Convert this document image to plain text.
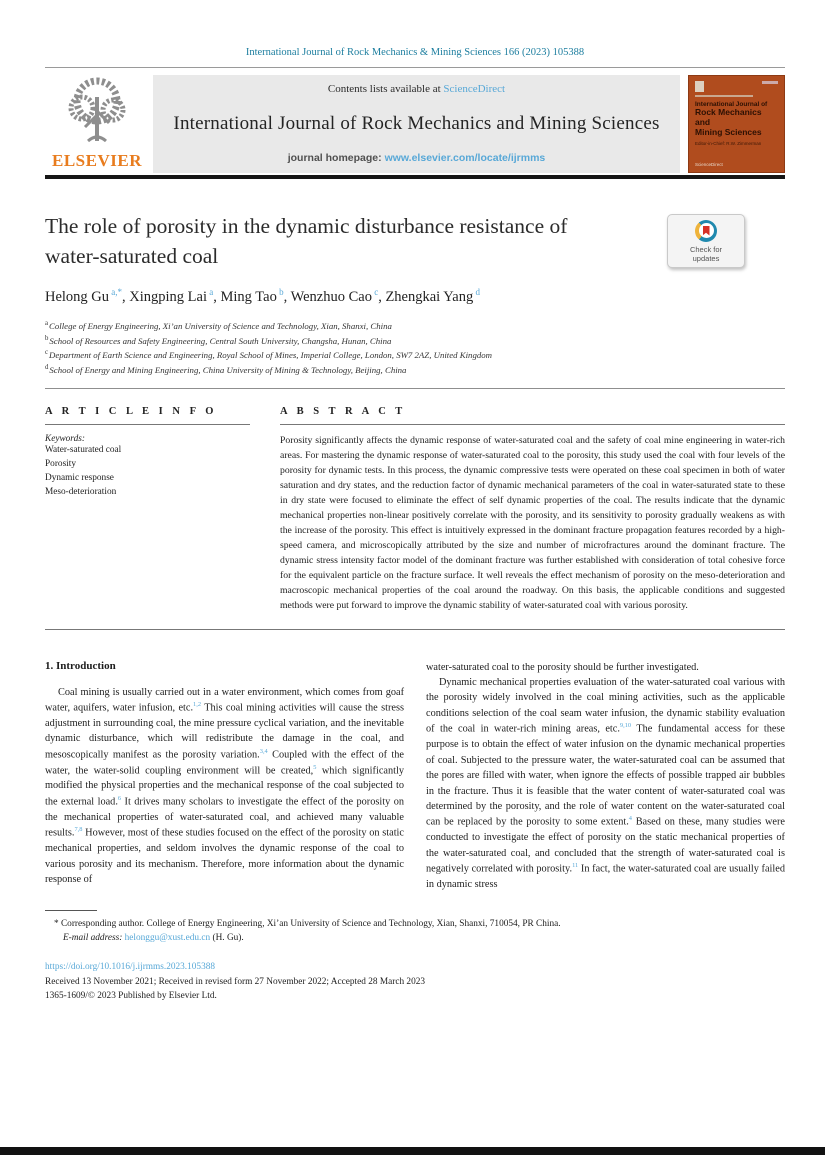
International Journal of Rock Mechanics & Mining Sciences 166 (2023) 105388
ELSEVIER
Contents lists available at ScienceDirect
International Journal of Rock Mechanics and Mining Sciences
journal homepage: www.elsevier.com/locate/ijrmms
International Journal of
Rock Mechanics
and
Mining Sciences
Editor-in-Chief: R.W. Zimmerman
ScienceDirect
The role of porosity in the dynamic disturbance resistance of water-saturated coal	Check for
updates
Helong Gu $^{a,*}$, Xingping Lai $^a$, Ming Tao $^b$, Wenzhuo Cao $^c$, Zhengkai Yang $^d$
$^a$College of Energy Engineering, Xi’an University of Science and Technology, Xian, Shanxi, China
$^b$School of Resources and Safety Engineering, Central South University, Changsha, Hunan, China
$^c$Department of Earth Science and Engineering, Royal School of Mines, Imperial College, London, SW7 2AZ, United Kingdom
$^d$School of Energy and Mining Engineering, China University of Mining & Technology, Beijing, China
A R T I C L E I N F O
Keywords:
Water-saturated coal
Porosity
Dynamic response
Meso-deterioration
A B S T R A C T
Porosity significantly affects the dynamic response of water-saturated coal and the safety of coal mine engineering in water-rich areas. For mastering the dynamic response of water-saturated coal to the porosity, this study used the coal with four levels of the porosity for dynamic tests. In this process, the dynamic compressive tests were operated on these coal specimen in both of water saturation and dry states, and the reduction factor of dynamic mechanical parameters of the coal in water-saturated state to these in dry state were focused to eliminate the effect of self dynamic properties of the coal. The results indicate that the dynamic mechanical properties non-linear positively correlate with the porosity, and its sensitivity to porosity gradually weakens as with the increase of the porosity. This effect is intuitively expressed in the dominant fracture propagation features recorded by a high-speed camera, and microscopically attributed by the size and number of microfractures around the dominant fracture. The dynamic stress intensity factor model of the dominant fracture was further established with consideration of total cohesive force for the equivalent particle on the fracture surface. It well reveals the effect mechanism of porosity on the meso-deterioration and macroscopic mechanical properties of the coal around the roadway. On this basis, the applicable conditions and suggested methods were put forward to improve the dynamic stability of water-saturated coal with various porosity.
1. Introduction

Coal mining is usually carried out in a water environment, which comes from goaf water, aquifers, water infusion, etc.$^{1,2}$ This coal mining activities will cause the stress adjustment in surrounding coal, the mine pressure cyclical variation, and the inevitable dynamic disturbance, which will redistribute the damage in the coal, and mesoscopically manifest as the porosity variation.$^{3,4}$ Coupled with the effect of the water, the water-solid coupling environment will be created,$^5$ which significantly modified the physical properties and the mechanical response of the coal subjected to the external load.$^6$ It drives many scholars to investigate the effect of the porosity on the mechanical properties of water-saturated coal, and achieved many valuable results.$^{7,8}$ However, most of these studies focused on the effect of the porosity on static mechanical properties, and seldom involves the dynamic response of the coal to various porosity and its mechanism. Therefore, more information about the dynamic response of

water-saturated coal to the porosity should be further investigated.

Dynamic mechanical properties evaluation of the water-saturated coal various with the porosity widely involved in the coal mining activities, such as the applicable conditions selection of the coal seam water infusion, the dynamic stability evaluation of the coal in water-rich mining areas, etc.$^{9,10}$ The fundamental access for these purpose is to obtain the effect of water infusion on the dynamic mechanical properties of coal. Subjected to the pressure water, the water-saturated coal can be assumed that the pores are filled with water, when ignore the effects of possible trapped air bubbles in the fracture. Thus it is feasible that the water content of water-saturated coal was determined by the porosity, and the role of water content on the water-saturated coal can be replaced by the porosity to some extent.$^4$ Based on these, many studies were conducted to investigate the effect of porosity on the static mechanical properties of the water-saturated coal, and concluded that the strength of water-saturated coal is negatively correlated with porosity.$^{11}$ In fact, the water-saturated coal are usually failed in dynamic stress

* Corresponding author. College of Energy Engineering, Xi’an University of Science and Technology, Xian, Shanxi, 710054, PR China.
E-mail address: helonggu@xust.edu.cn (H. Gu).
https://doi.org/10.1016/j.ijrmms.2023.105388
Received 13 November 2021; Received in revised form 27 November 2022; Accepted 28 March 2023
1365-1609/© 2023 Published by Elsevier Ltd.
